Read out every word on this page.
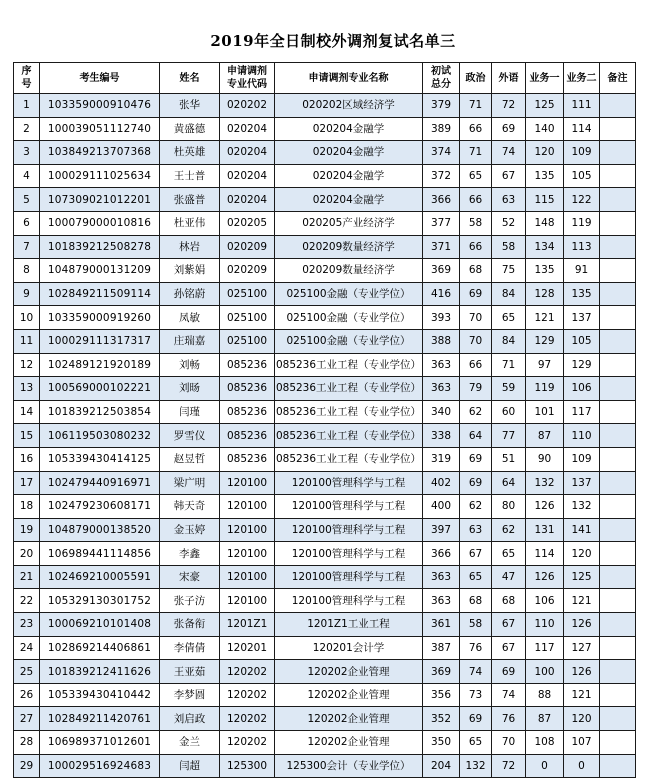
2019年全日制校外调剂复试名单三
序
号	考生编号	姓名	申请调剂
专业代码	申请调剂专业名称	初试
总分	政治	外语	业务一	业务二	备注
1	103359000910476	张华	020202	020202区域经济学	379	71	72	125	111	
2	100039051112740	黄盛德	020204	020204金融学	389	66	69	140	114	
3	103849213707368	杜英雄	020204	020204金融学	374	71	74	120	109	
4	100029111025634	王士普	020204	020204金融学	372	65	67	135	105	
5	107309021012201	张盛普	020204	020204金融学	366	66	63	115	122	
6	100079000010816	杜亚伟	020205	020205产业经济学	377	58	52	148	119	
7	101839212508278	林岩	020209	020209数量经济学	371	66	58	134	113	
8	104879000131209	刘紫娟	020209	020209数量经济学	369	68	75	135	91	
9	102849211509114	孙铭蔚	025100	025100金融（专业学位）	416	69	84	128	135	
10	103359000919260	凤敏	025100	025100金融（专业学位）	393	70	65	121	137	
11	100029111317317	庄瑞嘉	025100	025100金融（专业学位）	388	70	84	129	105	
12	102489121920189	刘畅	085236	085236工业工程（专业学位）	363	66	71	97	129	
13	100569000102221	刘旸	085236	085236工业工程（专业学位）	363	79	59	119	106	
14	101839212503854	闫瑾	085236	085236工业工程（专业学位）	340	62	60	101	117	
15	106119503080232	罗雪仪	085236	085236工业工程（专业学位）	338	64	77	87	110	
16	105339430414125	赵昱哲	085236	085236工业工程（专业学位）	319	69	51	90	109	
17	102479440916971	梁广明	120100	120100管理科学与工程	402	69	64	132	137	
18	102479230608171	韩天奇	120100	120100管理科学与工程	400	62	80	126	132	
19	104879000138520	金玉婷	120100	120100管理科学与工程	397	63	62	131	141	
20	106989441114856	李鑫	120100	120100管理科学与工程	366	67	65	114	120	
21	102469210005591	宋豪	120100	120100管理科学与工程	363	65	47	126	125	
22	105329130301752	张子汸	120100	120100管理科学与工程	363	68	68	106	121	
23	100069210101408	张备衔	1201Z1	1201Z1工业工程	361	58	67	110	126	
24	102869214406861	李倩倩	120201	120201会计学	387	76	67	117	127	
25	101839212411626	王亚茹	120202	120202企业管理	369	74	69	100	126	
26	105339430410442	李梦圆	120202	120202企业管理	356	73	74	88	121	
27	102849211420761	刘启政	120202	120202企业管理	352	69	76	87	120	
28	106989371012601	金兰	120202	120202企业管理	350	65	70	108	107	
29	100029516924683	闫超	125300	125300会计（专业学位）	204	132	72	0	0	
